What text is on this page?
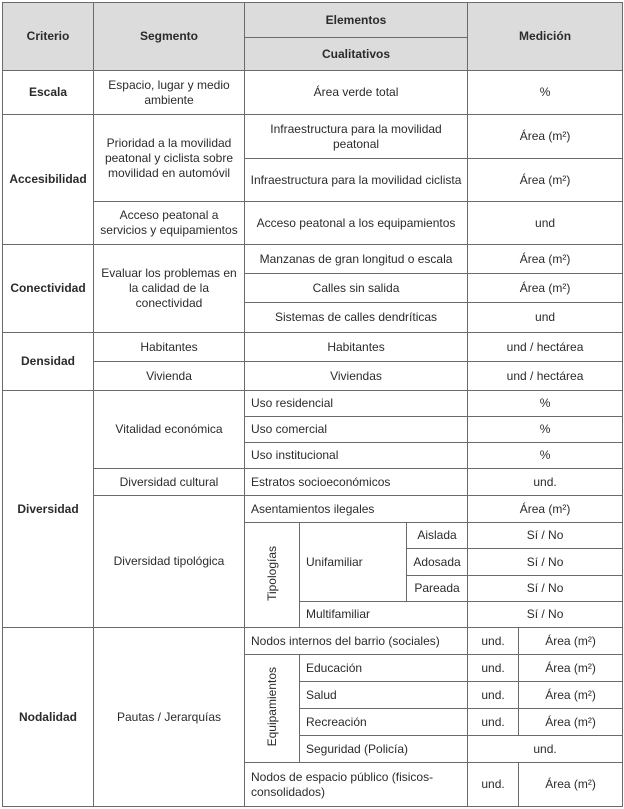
Criterio	Segmento	Elementos			Medición	
		Cualitativos				
Escala	Espacio, lugar y medio ambiente	Área verde total			%	
Accesibilidad	Prioridad a la movilidad peatonal y ciclista sobre movilidad en automóvil	Infraestructura para la movilidad peatonal			Área (m²)	
		Infraestructura para la movilidad ciclista			Área (m²)	
	Acceso peatonal a servicios y equipamientos	Acceso peatonal a los equipamientos			und	
Conectividad	Evaluar los problemas en la calidad de la conectividad	Manzanas de gran longitud o escala			Área (m²)	
		Calles sin salida			Área (m²)	
		Sistemas de calles dendríticas			und	
Densidad	Habitantes	Habitantes			und / hectárea	
	Vivienda	Viviendas			und / hectárea	
Diversidad	Vitalidad económica	Uso residencial			%	
		Uso comercial			%	
		Uso institucional			%	
	Diversidad cultural	Estratos socioeconómicos			und.	
	Diversidad tipológica	Asentamientos ilegales			Área (m²)	
		Tipologías	Unifamiliar	Aislada	Sí / No	
				Adosada	Sí / No	
				Pareada	Sí / No	
			Multifamiliar		Sí / No	
Nodalidad	Pautas / Jerarquías	Nodos internos del barrio (sociales)			und.	Área (m²)
		Equipamientos	Educación		und.	Área (m²)
			Salud		und.	Área (m²)
			Recreación		und.	Área (m²)
			Seguridad (Policía)		und.	
		Nodos de espacio público (fisicos-consolidados)			und.	Área (m²)
